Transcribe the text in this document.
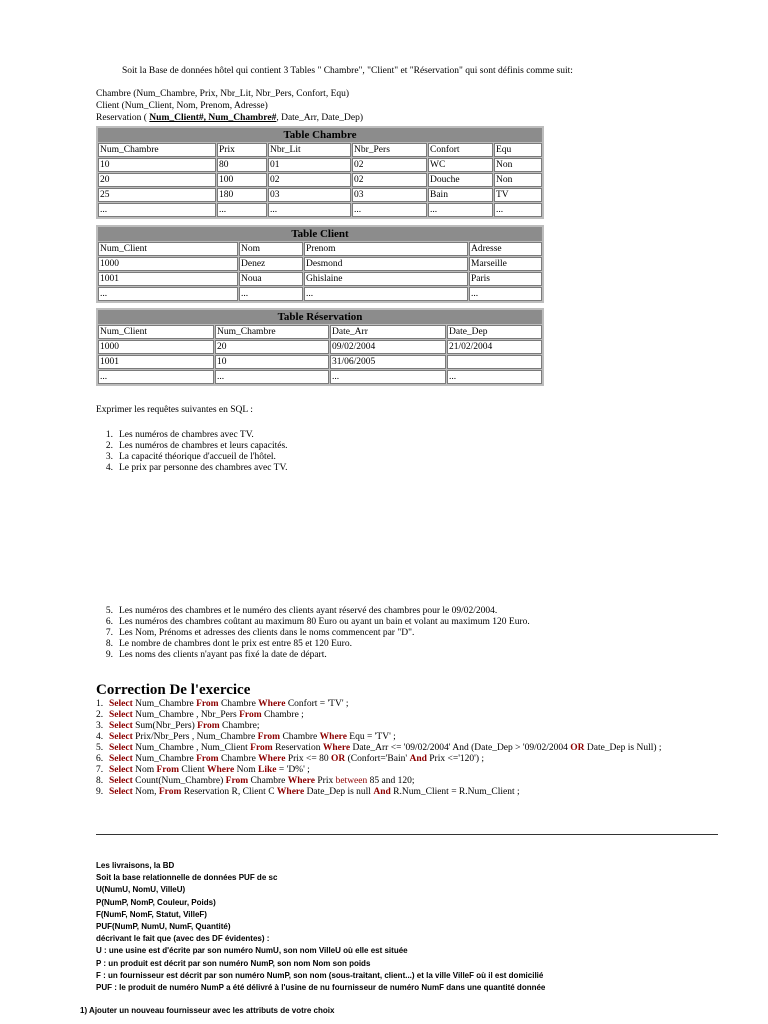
Soit la Base de données hôtel qui contient 3 Tables " Chambre", "Client" et "Réservation" qui sont définis comme suit:
Chambre (Num_Chambre, Prix, Nbr_Lit, Nbr_Pers, Confort, Equ)
Client (Num_Client, Nom, Prenom, Adresse)
Reservation ( Num_Client#, Num_Chambre#, Date_Arr, Date_Dep)
Table Chambre					
Num_Chambre	Prix	Nbr_Lit	Nbr_Pers	Confort	Equ
10	80	01	02	WC	Non
20	100	02	02	Douche	Non
25	180	03	03	Bain	TV
...	...	...	...	...	...
Table Client			
Num_Client	Nom	Prenom	Adresse
1000	Denez	Desmond	Marseille
1001	Noua	Ghislaine	Paris
...	...	...	...
Table Réservation			
Num_Client	Num_Chambre	Date_Arr	Date_Dep
1000	20	09/02/2004	21/02/2004
1001	10	31/06/2005	
...	...	...	...
Exprimer les requêtes suivantes en SQL :
1. Les numéros de chambres avec TV.
2. Les numéros de chambres et leurs capacités.
3. La capacité théorique d'accueil de l'hôtel.
4. Le prix par personne des chambres avec TV.
5. Les numéros des chambres et le numéro des clients ayant réservé des chambres pour le 09/02/2004.
6. Les numéros des chambres coûtant au maximum 80 Euro ou ayant un bain et volant au maximum 120 Euro.
7. Les Nom, Prénoms et adresses des clients dans le noms commencent par "D".
8. Le nombre de chambres dont le prix est entre 85 et 120 Euro.
9. Les noms des clients n'ayant pas fixé la date de départ.
Correction De l'exercice
1. Select Num_Chambre From Chambre Where Confort = 'TV' ;
2. Select Num_Chambre , Nbr_Pers From Chambre ;
3. Select Sum(Nbr_Pers) From Chambre;
4. Select Prix/Nbr_Pers , Num_Chambre From Chambre Where Equ = 'TV' ;
5. Select Num_Chambre , Num_Client From Reservation Where Date_Arr <= '09/02/2004' And (Date_Dep > '09/02/2004 OR Date_Dep is Null) ;
6. Select Num_Chambre From Chambre Where Prix <= 80 OR (Confort='Bain' And Prix <='120') ;
7. Select Nom From Client Where Nom Like = 'D%' ;
8. Select Count(Num_Chambre) From Chambre Where Prix between 85 and 120;
9. Select Nom, From Reservation R, Client C Where Date_Dep is null And R.Num_Client = R.Num_Client ;
Les livraisons, la BD
Soit la base relationnelle de données PUF de sc
U(NumU, NomU, VilleU)
P(NumP, NomP, Couleur, Poids)
F(NumF, NomF, Statut, VilleF)
PUF(NumP, NumU, NumF, Quantité)
décrivant le fait que (avec des DF évidentes) :
U : une usine est d'écrite par son numéro NumU, son nom VilleU où elle est située
P : un produit est décrit par son numéro NumP, son nom Nom son poids
F : un fournisseur est décrit par son numéro NumP, son nom (sous-traitant, client...) et la ville VilleF où il est domicilié
PUF : le produit de numéro NumP a été délivré à l'usine de nu fournisseur de numéro NumF dans une quantité donnée
1) Ajouter un nouveau fournisseur avec les attributs de votre choix
